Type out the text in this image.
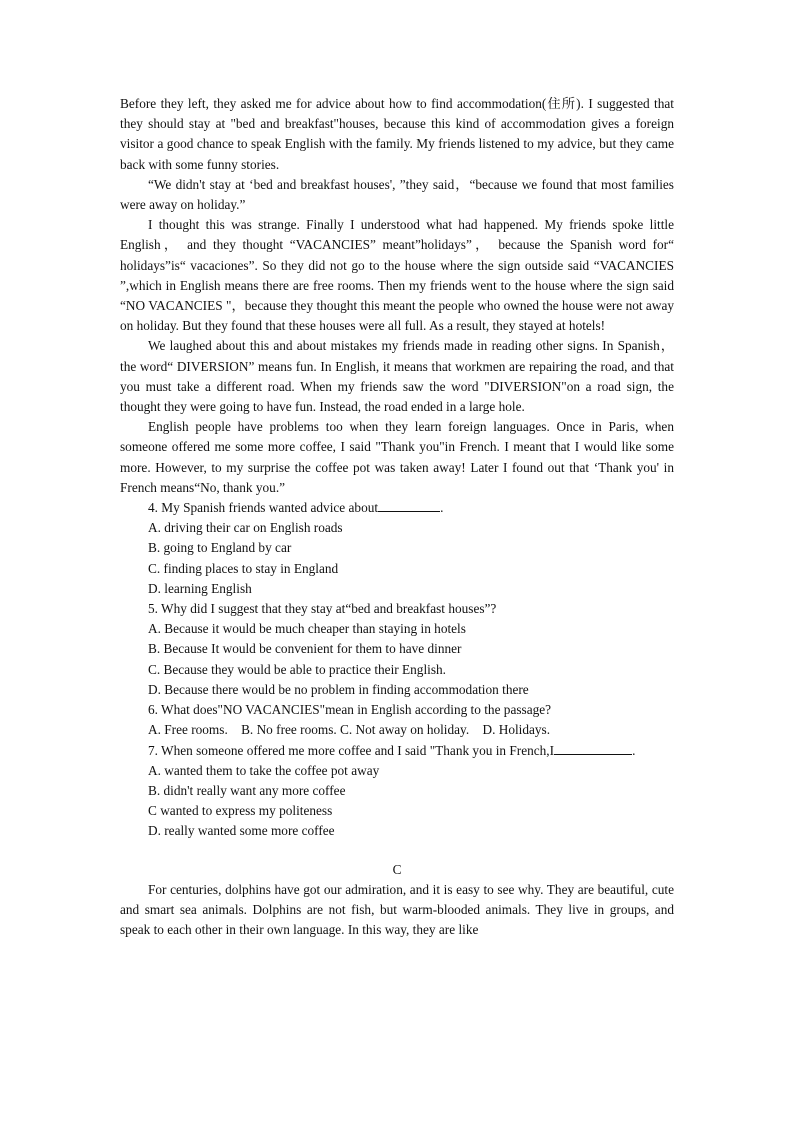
Before they left, they asked me for advice about how to find accommodation(住所). I suggested that they should stay at "bed and breakfast"houses, because this kind of accommodation gives a foreign visitor a good chance to speak English with the family. My friends listened to my advice, but they came back with some funny stories.

“We didn't stay at ‘bed and breakfast houses', ”they said，“because we found that most families were away on holiday.”

I thought this was strange. Finally I understood what had happened. My friends spoke little English， and they thought “VACANCIES” meant”holidays”， because the Spanish word for“ holidays”is“ vacaciones”. So they did not go to the house where the sign outside said “VACANCIES ”,which in English means there are free rooms. Then my friends went to the house where the sign said “NO VACANCIES "，because they thought this meant the people who owned the house were not away on holiday. But they found that these houses were all full. As a result, they stayed at hotels!

We laughed about this and about mistakes my friends made in reading other signs. In Spanish， the word“ DIVERSION” means fun. In English, it means that workmen are repairing the road, and that you must take a different road. When my friends saw the word "DIVERSION"on a road sign, the thought they were going to have fun. Instead, the road ended in a large hole.

English people have problems too when they learn foreign languages. Once in Paris, when someone offered me some more coffee, I said "Thank you"in French. I meant that I would like some more. However, to my surprise the coffee pot was taken away! Later I found out that ‘Thank you' in French means“No, thank you.”

4. My Spanish friends wanted advice about	.

A. driving their car on English roads

B. going to England by car

C. finding places to stay in England

D. learning English

5. Why did I suggest that they stay at“bed and breakfast houses”?

A. Because it would be much cheaper than staying in hotels

B. Because It would be convenient for them to have dinner

C. Because they would be able to practice their English.

D. Because there would be no problem in finding accommodation there

6. What does"NO VACANCIES"mean in English according to the passage?

A. Free rooms.    B. No free rooms. C. Not away on holiday.    D. Holidays.

7. When someone offered me more coffee and I said "Thank you in French,I	.

A. wanted them to take the coffee pot away

B. didn't really want any more coffee

C wanted to express my politeness

D. really wanted some more coffee

C

For centuries, dolphins have got our admiration, and it is easy to see why. They are beautiful, cute and smart sea animals. Dolphins are not fish, but warm-blooded animals. They live in groups, and speak to each other in their own language. In this way, they are like
